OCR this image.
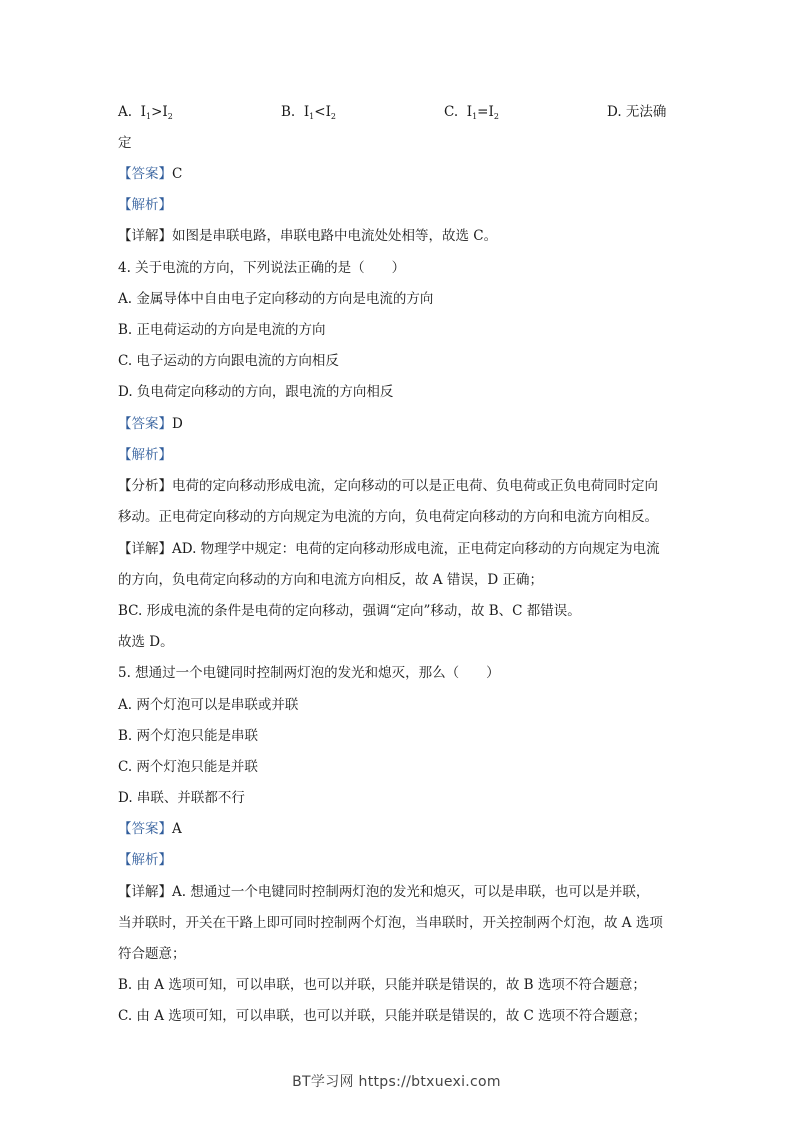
A. $I_1>I_2$	B. $I_1<I_2$	C. $I_1=I_2$	D. 无法确
定
【答案】C
【解析】
【详解】如图是串联电路，串联电路中电流处处相等，故选 C。
4. 关于电流的方向，下列说法正确的是（　　）
A. 金属导体中自由电子定向移动的方向是电流的方向
B. 正电荷运动的方向是电流的方向
C. 电子运动的方向跟电流的方向相反
D. 负电荷定向移动的方向，跟电流的方向相反
【答案】D
【解析】
【分析】电荷的定向移动形成电流，定向移动的可以是正电荷、负电荷或正负电荷同时定向
移动。正电荷定向移动的方向规定为电流的方向，负电荷定向移动的方向和电流方向相反。
【详解】AD. 物理学中规定：电荷的定向移动形成电流，正电荷定向移动的方向规定为电流
的方向，负电荷定向移动的方向和电流方向相反，故 A 错误，D 正确；
BC. 形成电流的条件是电荷的定向移动，强调“定向”移动，故 B、C 都错误。
故选 D。
5. 想通过一个电键同时控制两灯泡的发光和熄灭，那么（　　）
A. 两个灯泡可以是串联或并联
B. 两个灯泡只能是串联
C. 两个灯泡只能是并联
D. 串联、并联都不行
【答案】A
【解析】
【详解】A. 想通过一个电键同时控制两灯泡的发光和熄灭，可以是串联，也可以是并联，
当并联时，开关在干路上即可同时控制两个灯泡，当串联时，开关控制两个灯泡，故 A 选项
符合题意；
B. 由 A 选项可知，可以串联，也可以并联，只能并联是错误的，故 B 选项不符合题意；
C. 由 A 选项可知，可以串联，也可以并联，只能并联是错误的，故 C 选项不符合题意；
BT学习网 https://btxuexi.com
